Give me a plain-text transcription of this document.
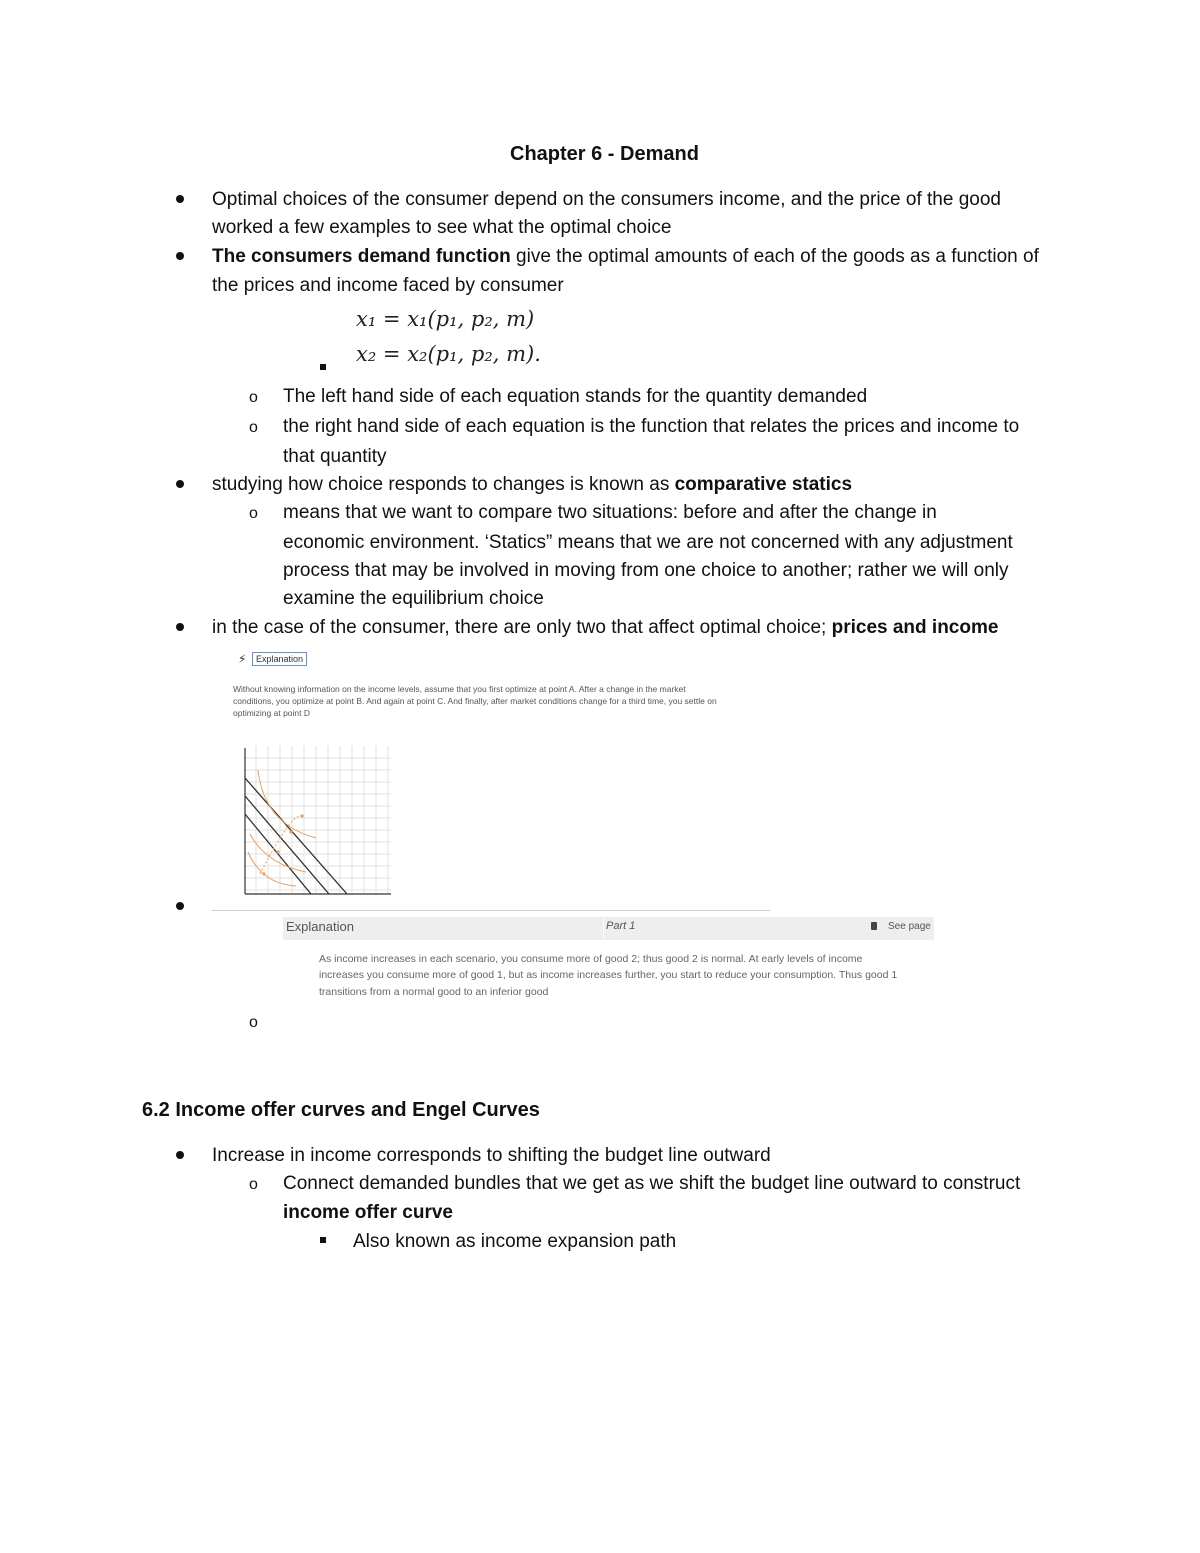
Chapter 6 - Demand
Optimal choices of the consumer depend on the consumers income, and the price of the good
worked a few examples to see what the optimal choice
The consumers demand function give the optimal amounts of each of the goods as a function of
the prices and income faced by consumer
x₁ = x₁(p₁, p₂, m)
x₂ = x₂(p₁, p₂, m).
o The left hand side of each equation stands for the quantity demanded
o the right hand side of each equation is the function that relates the prices and income to
that quantity
studying how choice responds to changes is known as comparative statics
o means that we want to compare two situations: before and after the change in
economic environment. ‘Statics” means that we are not concerned with any adjustment
process that may be involved in moving from one choice to another; rather we will only
examine the equilibrium choice
in the case of the consumer, there are only two that affect optimal choice; prices and income
⚡	Explanation
Without knowing information on the income levels, assume that you first optimize at point A. After a change in the market
conditions, you optimize at point B. And again at point C. And finally, after market conditions change for a third time, you settle on
optimizing at point D
Explanation	Part 1	See page
As income increases in each scenario, you consume more of good 2; thus good 2 is normal. At early levels of income
increases you consume more of good 1, but as income increases further, you start to reduce your consumption. Thus good 1
transitions from a normal good to an inferior good
o
6.2 Income offer curves and Engel Curves
Increase in income corresponds to shifting the budget line outward
o Connect demanded bundles that we get as we shift the budget line outward to construct
income offer curve
Also known as income expansion path
